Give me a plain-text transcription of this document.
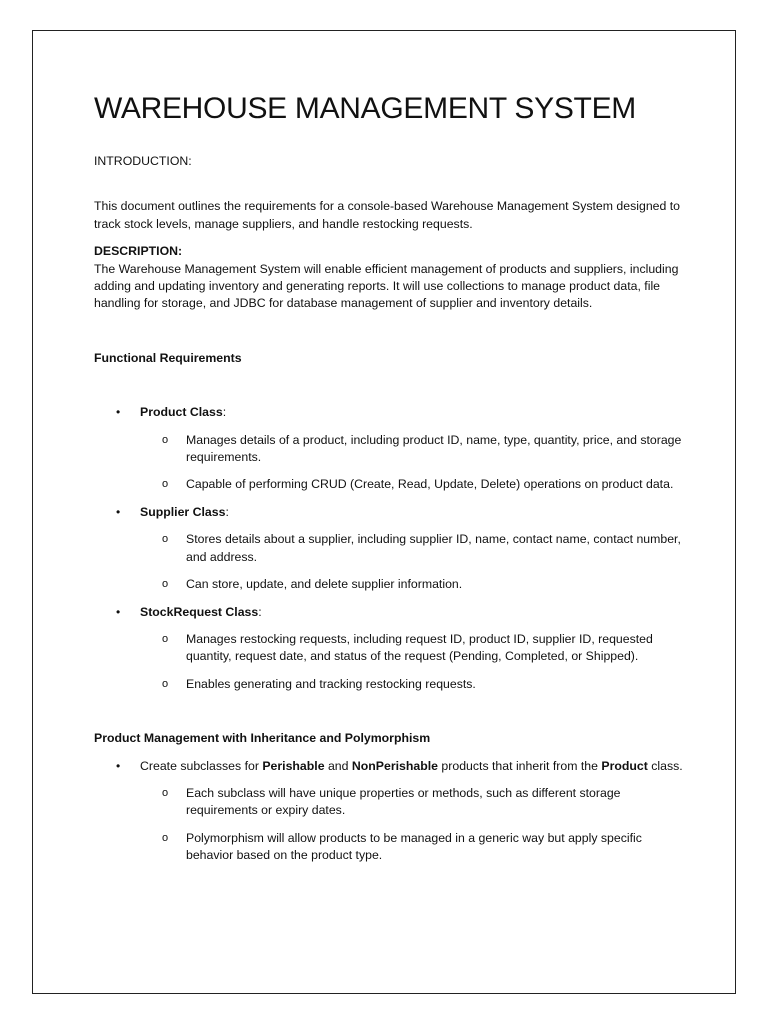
WAREHOUSE MANAGEMENT SYSTEM

INTRODUCTION:

This document outlines the requirements for a console-based Warehouse Management System designed to track stock levels, manage suppliers, and handle restocking requests.

DESCRIPTION:

The Warehouse Management System will enable efficient management of products and suppliers, including adding and updating inventory and generating reports. It will use collections to manage product data, file handling for storage, and JDBC for database management of supplier and inventory details.

Functional Requirements

• Product Class:
o Manages details of a product, including product ID, name, type, quantity, price, and storage requirements.
o Capable of performing CRUD (Create, Read, Update, Delete) operations on product data.
• Supplier Class:
o Stores details about a supplier, including supplier ID, name, contact name, contact number, and address.
o Can store, update, and delete supplier information.
• StockRequest Class:
o Manages restocking requests, including request ID, product ID, supplier ID, requested quantity, request date, and status of the request (Pending, Completed, or Shipped).
o Enables generating and tracking restocking requests.

Product Management with Inheritance and Polymorphism

• Create subclasses for Perishable and NonPerishable products that inherit from the Product class.
o Each subclass will have unique properties or methods, such as different storage requirements or expiry dates.
o Polymorphism will allow products to be managed in a generic way but apply specific behavior based on the product type.
